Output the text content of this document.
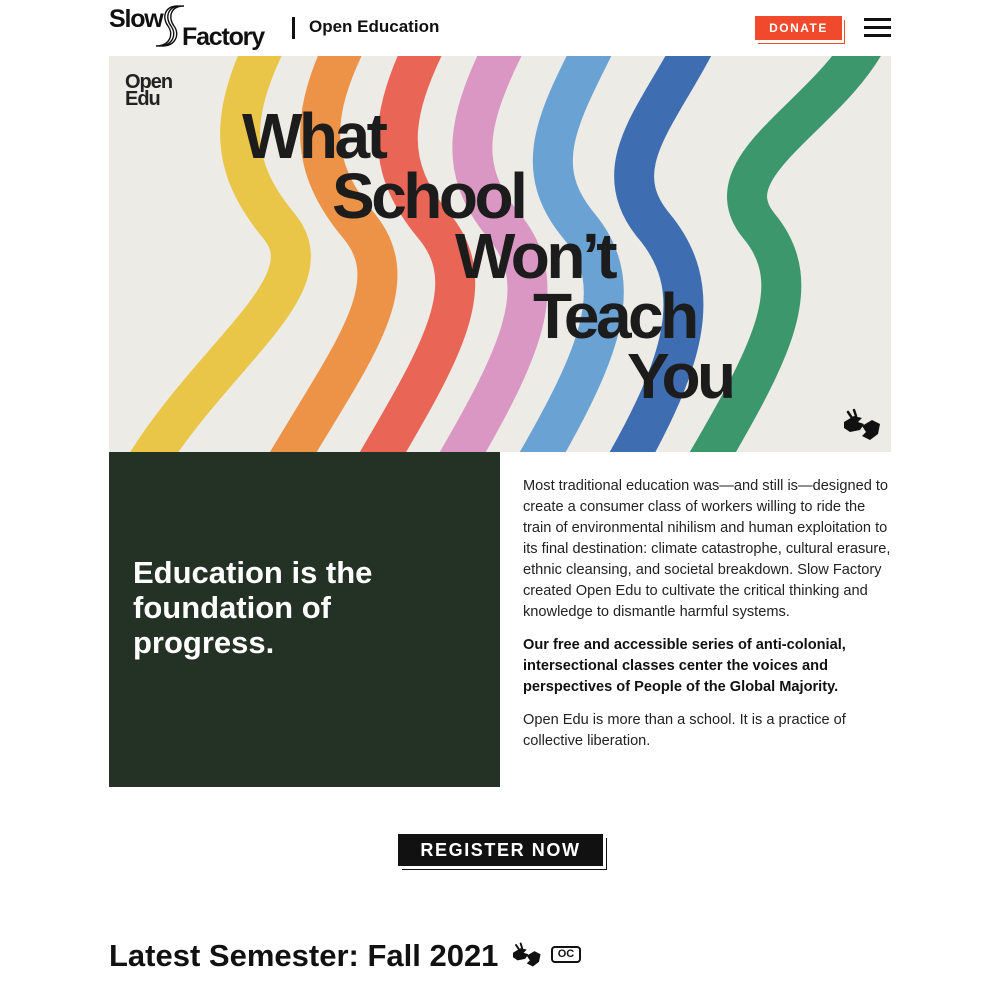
Slow
Factory	Open Education	DONATE
Open
Edu
What
School
Won’t
Teach
You
Education is the foundation of progress.

Most traditional education was—and still is—designed to create a consumer class of workers willing to ride the train of environmental nihilism and human exploitation to its final destination: climate catastrophe, cultural erasure, ethnic cleansing, and societal breakdown. Slow Factory created Open Edu to cultivate the critical thinking and knowledge to dismantle harmful systems.

Our free and accessible series of anti-colonial, intersectional classes center the voices and perspectives of People of the Global Majority.

Open Edu is more than a school. It is a practice of collective liberation.

REGISTER NOW
Latest Semester: Fall 2021	OC
